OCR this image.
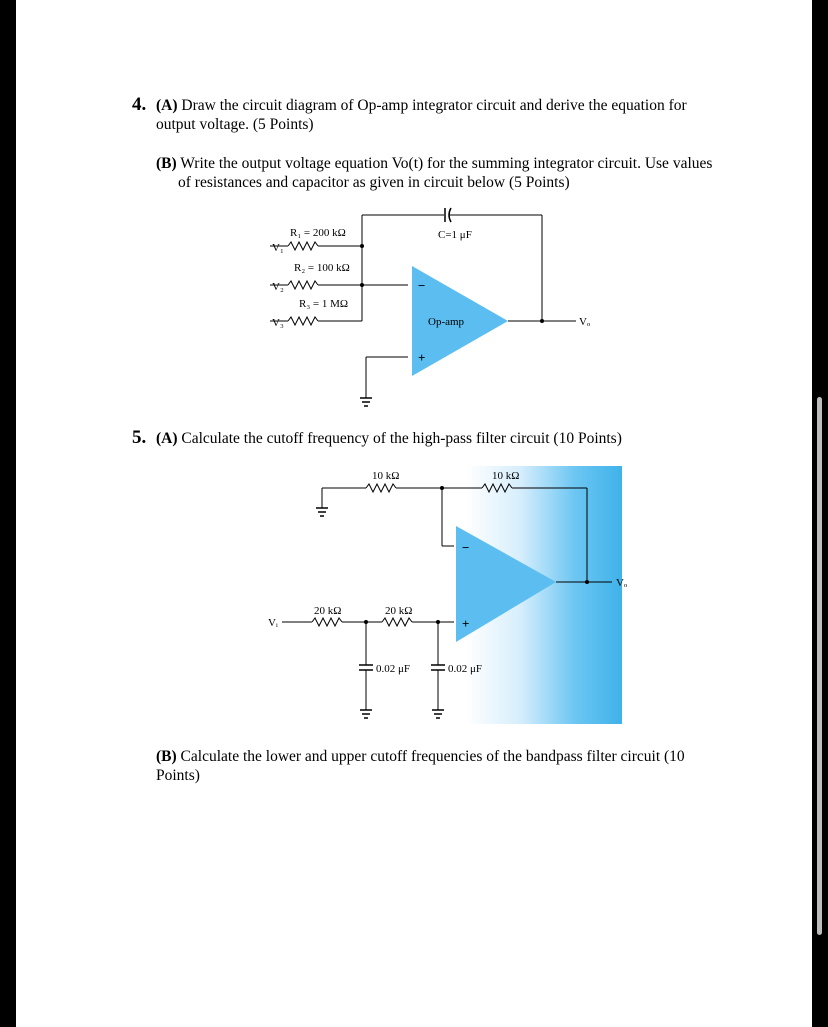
4. (A) Draw the circuit diagram of Op-amp integrator circuit and derive the equation for
output voltage. (5 Points)
(B) Write the output voltage equation Vo(t) for the summing integrator circuit. Use values
of resistances and capacitor as given in circuit below (5 Points)
R₁ = 200 kΩ
R₂ = 100 kΩ
R₃ = 1 MΩ
V₁
V₂
V₃
C=1 μF
Op-amp
−
+
Vₒ
5. (A) Calculate the cutoff frequency of the high-pass filter circuit (10 Points)
10 kΩ	10 kΩ
20 kΩ	20 kΩ
0.02 μF	0.02 μF
Vᵢ
Vₒ
−
+
(B) Calculate the lower and upper cutoff frequencies of the bandpass filter circuit (10
Points)
